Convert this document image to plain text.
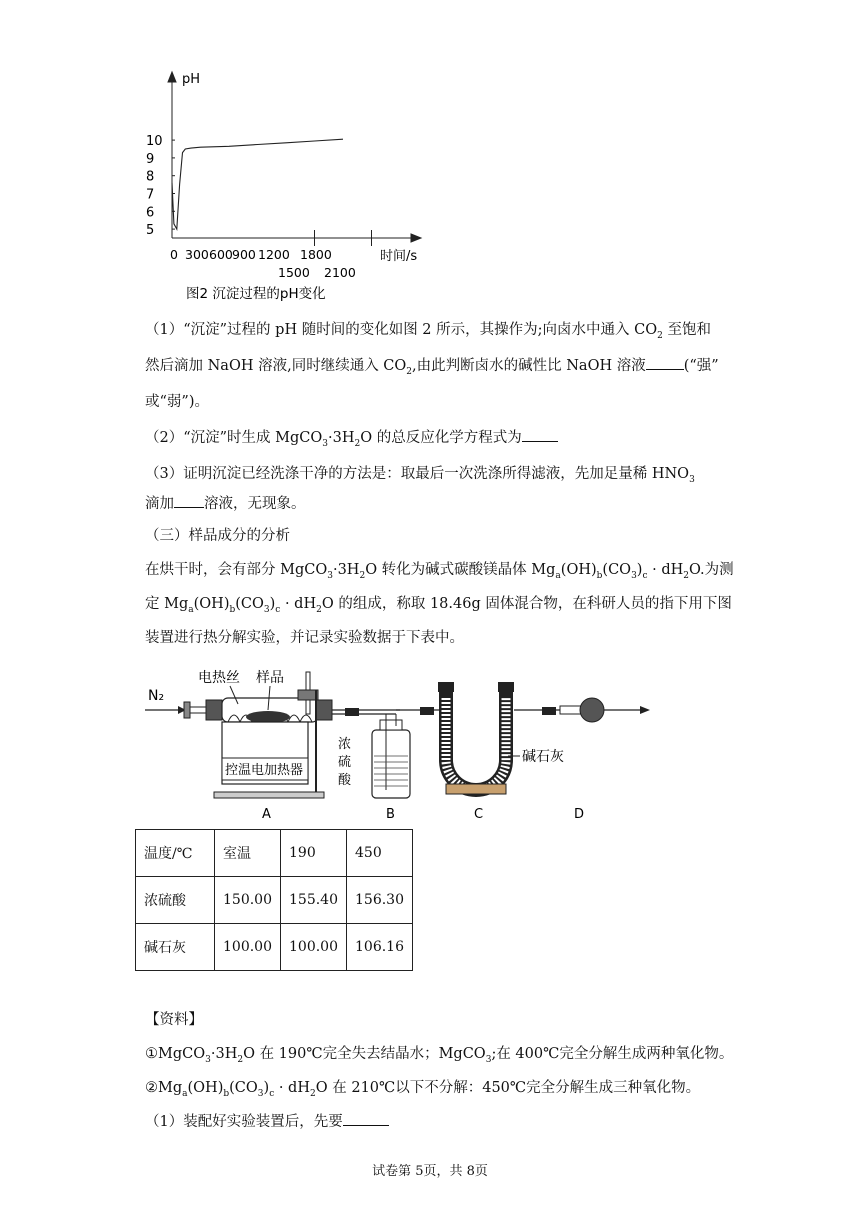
10
9
8
7
6
5
0 300 600 900 1200 1800
1500 2100
pH
时间/s
图2 沉淀过程的pH变化
（1）“沉淀”过程的 pH 随时间的变化如图 2 所示，其操作为;向卤水中通入 $CO_2$ 至饱和
然后滴加 NaOH 溶液,同时继续通入 $CO_2$,由此判断卤水的碱性比 NaOH 溶液	(“强”
或“弱”)。
（2）“沉淀”时生成 $MgCO_3\cdot 3H_2O$ 的总反应化学方程式为
（3）证明沉淀已经洗涤干净的方法是：取最后一次洗涤所得滤液，先加足量稀 $HNO_3$
滴加 溶液，无现象。
（三）样品成分的分析
在烘干时，会有部分 $MgCO_3\cdot 3H_2O$ 转化为碱式碳酸镁晶体 $Mg_a(OH)_b(CO_3)_c \cdot dH_2O$.为测
定 $Mg_a(OH)_b(CO_3)_c \cdot dH_2O$ 的组成，称取 18.46g 固体混合物，在科研人员的指下用下图
装置进行热分解实验，并记录实验数据于下表中。
N₂
电热丝 样品
控温电加热器
浓
硫
酸
碱石灰
A	B	C	D
温度/℃	室温	190	450
浓硫酸	150.00	155.40	156.30
碱石灰	100.00	100.00	106.16
【资料】
$①MgCO_3\cdot 3H_2O$ 在 190℃完全失去结晶水；MgCO$_3$;在 400℃完全分解生成两种氧化物。
$②Mg_a(OH)_b(CO_3)_c \cdot dH_2O$ 在 210℃以下不分解：450℃完全分解生成三种氧化物。
（1）装配好实验装置后，先要
试卷第 5页，共 8页
